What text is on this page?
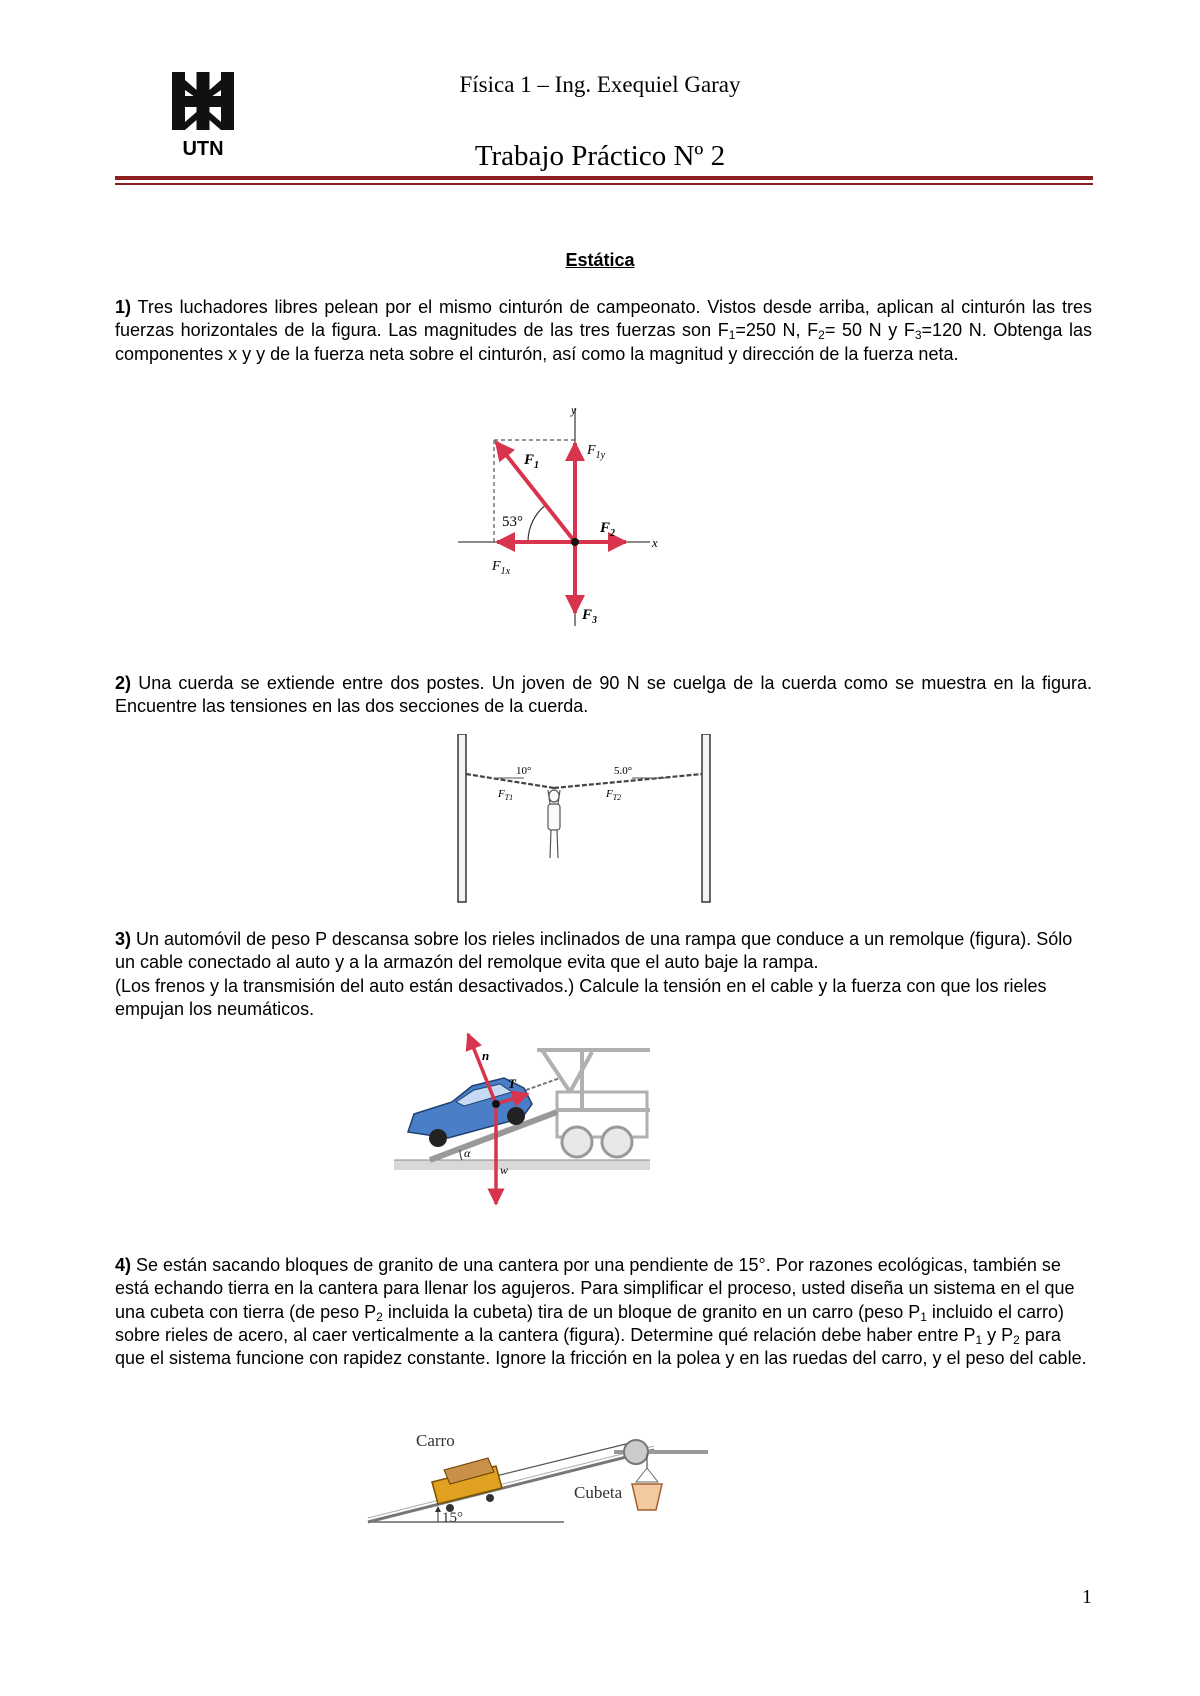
UTN
Física 1 – Ing. Exequiel Garay
Trabajo Práctico Nº 2
Estática
1) Tres luchadores libres pelean por el mismo cinturón de campeonato. Vistos desde arriba, aplican al cinturón las tres fuerzas horizontales de la figura. Las magnitudes de las tres fuerzas son $F_1=250$ N, $F_2= 50$ N y $F_3=120$ N. Obtenga las componentes x y y de la fuerza neta sobre el cinturón, así como la magnitud y dirección de la fuerza neta.
y
x
$F_1$
$F_{1y}$
$F_2$
$F_{1x}$
$F_3$
53°
2) Una cuerda se extiende entre dos postes. Un joven de 90 N se cuelga de la cuerda como se muestra en la figura. Encuentre las tensiones en las dos secciones de la cuerda.
10°	5.0°
$F_{T1}$	$F_{T2}$
3) Un automóvil de peso P descansa sobre los rieles inclinados de una rampa que conduce a un remolque (figura). Sólo un cable conectado al auto y a la armazón del remolque evita que el auto baje la rampa.
(Los frenos y la transmisión del auto están desactivados.) Calcule la tensión en el cable y la fuerza con que los rieles empujan los neumáticos.
n
T
w
α
4) Se están sacando bloques de granito de una cantera por una pendiente de 15°. Por razones ecológicas, también se está echando tierra en la cantera para llenar los agujeros. Para simplificar el proceso, usted diseña un sistema en el que una cubeta con tierra (de peso $P_2$ incluida la cubeta) tira de un bloque de granito en un carro (peso $P_1$ incluido el carro) sobre rieles de acero, al caer verticalmente a la cantera (figura). Determine qué relación debe haber entre $P_1$ y $P_2$ para que el sistema funcione con rapidez constante. Ignore la fricción en la polea y en las ruedas del carro, y el peso del cable.
Carro
Cubeta
15°
1
